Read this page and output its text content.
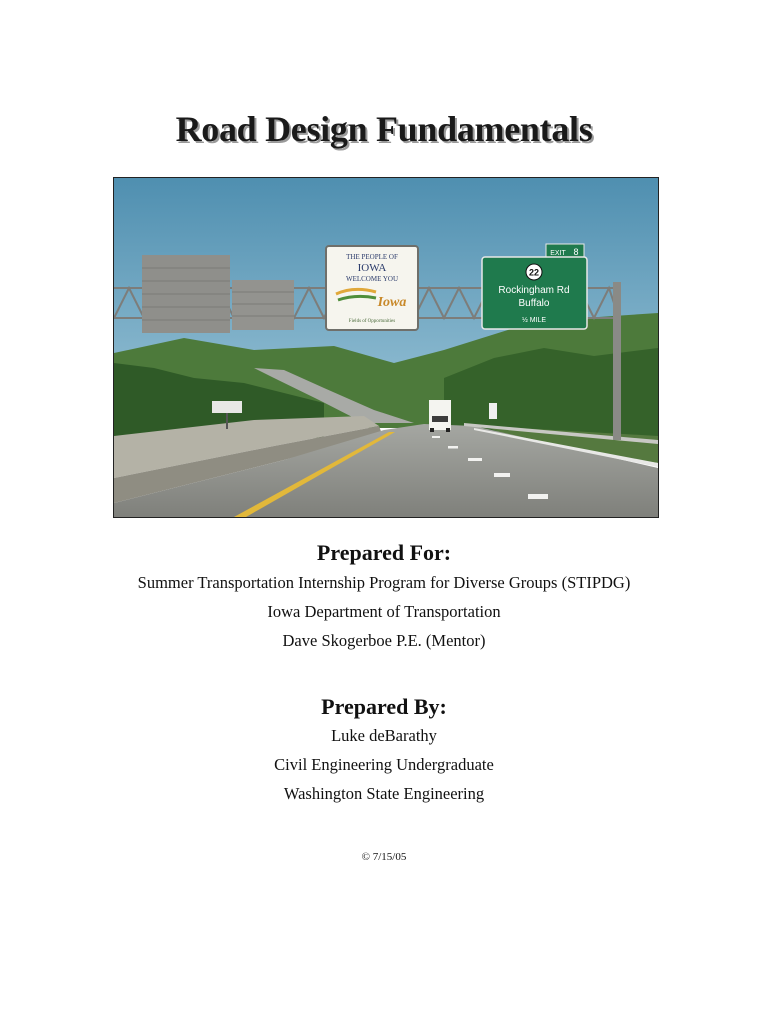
Road Design Fundamentals
THE PEOPLE OF
IOWA
WELCOME YOU
Iowa
Fields of Opportunities
EXIT 8
22
Rockingham Rd
Buffalo
½ MILE
Prepared For:
Summer Transportation Internship Program for Diverse Groups (STIPDG)
Iowa Department of Transportation
Dave Skogerboe P.E. (Mentor)
Prepared By:
Luke deBarathy
Civil Engineering Undergraduate
Washington State Engineering
© 7/15/05
